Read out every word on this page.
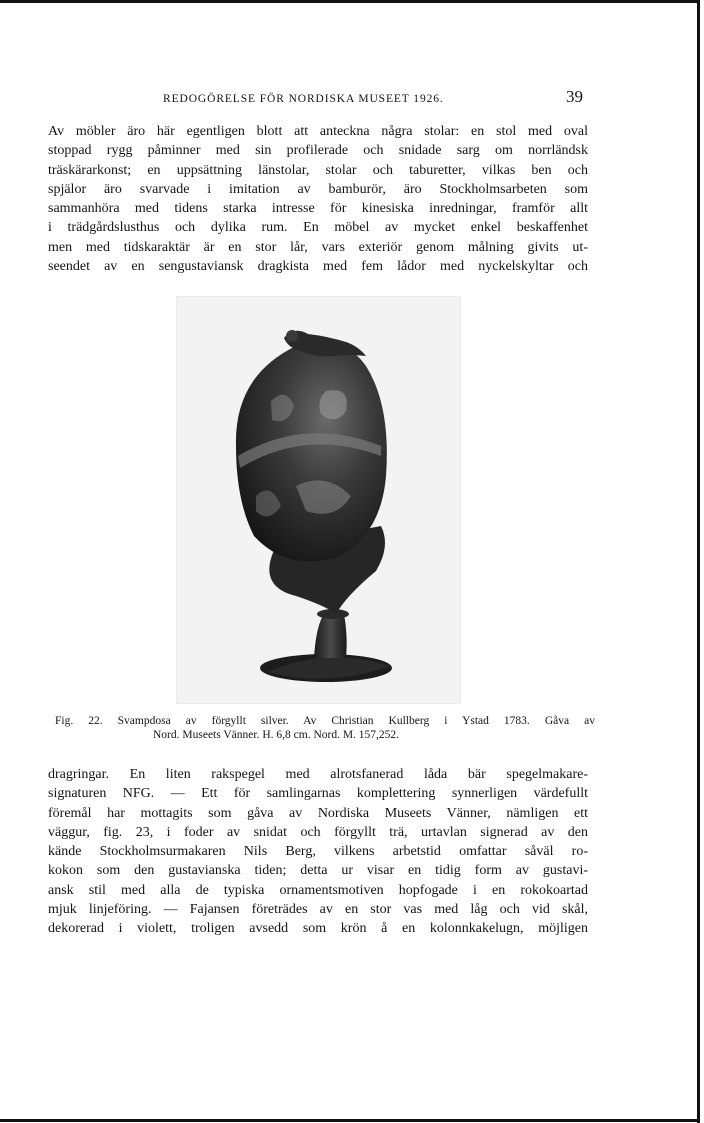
REDOGÖRELSE FÖR NORDISKA MUSEET 1926.	39
Av möbler äro här egentligen blott att anteckna några stolar: en stol med oval
stoppad rygg påminner med sin profilerade och snidade sarg om norrländsk
träskärarkonst; en uppsättning länstolar, stolar och taburetter, vilkas ben och
spjälor äro svarvade i imitation av bamburör, äro Stockholmsarbeten som
sammanhöra med tidens starka intresse för kinesiska inredningar, framför allt
i trädgårdslusthus och dylika rum. En möbel av mycket enkel beskaffenhet
men med tidskaraktär är en stor lår, vars exteriör genom målning givits ut-
seendet av en sengustaviansk dragkista med fem lådor med nyckelskyltar och
Fig. 22. Svampdosa av förgyllt silver. Av Christian Kullberg i Ystad 1783. Gåva av
Nord. Museets Vänner. H. 6,8 cm. Nord. M. 157,252.
dragringar. En liten rakspegel med alrotsfanerad låda bär spegelmakare-
signaturen NFG. — Ett för samlingarnas komplettering synnerligen värdefullt
föremål har mottagits som gåva av Nordiska Museets Vänner, nämligen ett
väggur, fig. 23, i foder av snidat och förgyllt trä, urtavlan signerad av den
kände Stockholmsurmakaren Nils Berg, vilkens arbetstid omfattar såväl ro-
kokon som den gustavianska tiden; detta ur visar en tidig form av gustavi-
ansk stil med alla de typiska ornamentsmotiven hopfogade i en rokokoartad
mjuk linjeföring. — Fajansen företrädes av en stor vas med låg och vid skål,
dekorerad i violett, troligen avsedd som krön å en kolonnkakelugn, möjligen
